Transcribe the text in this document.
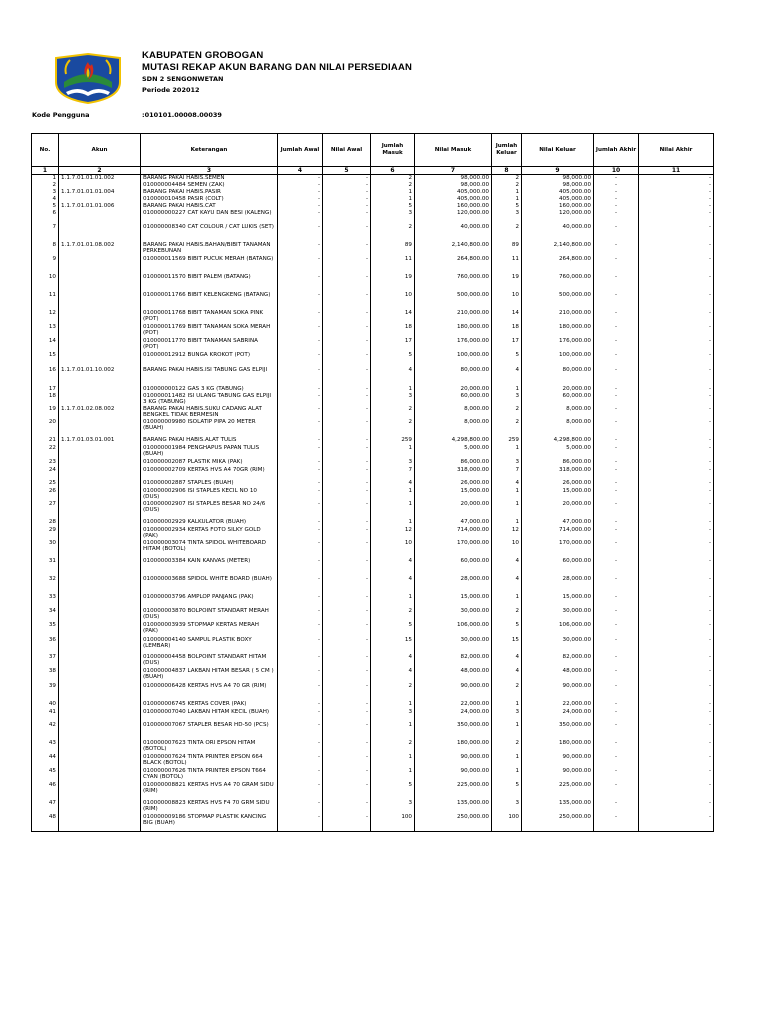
KABUPATEN GROBOGAN
MUTASI REKAP AKUN BARANG DAN NILAI PERSEDIAAN
SDN 2 SENGONWETAN
Periode 202012
Kode Pengguna	:010101.00008.00039
No.	Akun	Keterangan	Jumlah Awal	Nilai Awal	Jumlah Masuk	Nilai Masuk	Jumlah Keluar	Nilai Keluar	Jumlah Akhir	Nilai Akhir
1	2	3	4	5	6	7	8	9	10	11
1	1.1.7.01.01.01.002	BARANG PAKAI HABIS.SEMEN	-	-	2	98,000.00	2	98,000.00	-	-
2		010000004484 SEMEN (ZAK)	-	-	2	98,000.00	2	98,000.00	-	-
3	1.1.7.01.01.01.004	BARANG PAKAI HABIS.PASIR	-	-	1	405,000.00	1	405,000.00	-	-
4		010000010458 PASIR (COLT)	-	-	1	405,000.00	1	405,000.00	-	-
5	1.1.7.01.01.01.006	BARANG PAKAI HABIS.CAT	-	-	5	160,000.00	5	160,000.00	-	-
6		010000000227 CAT KAYU DAN BESI (KALENG)	-	-	3	120,000.00	3	120,000.00	-	-
7		010000008340 CAT COLOUR / CAT LUKIS (SET)	-	-	2	40,000.00	2	40,000.00	-	-
8	1.1.7.01.01.08.002	BARANG PAKAI HABIS.BAHAN/BIBIT TANAMAN PERKEBUNAN	-	-	89	2,140,800.00	89	2,140,800.00	-	-
9		010000011569 BIBIT PUCUK MERAH (BATANG)	-	-	11	264,800.00	11	264,800.00	-	-
10		010000011570 BIBIT PALEM (BATANG)	-	-	19	760,000.00	19	760,000.00	-	-
11		010000011766 BIBIT KELENGKENG (BATANG)	-	-	10	500,000.00	10	500,000.00	-	-
12		010000011768 BIBIT TANAMAN SOKA PINK (POT)	-	-	14	210,000.00	14	210,000.00	-	-
13		010000011769 BIBIT TANAMAN SOKA MERAH (POT)	-	-	18	180,000.00	18	180,000.00	-	-
14		010000011770 BIBIT TANAMAN SABRINA (POT)	-	-	17	176,000.00	17	176,000.00	-	-
15		010000012912 BUNGA KROKOT (POT)	-	-	5	100,000.00	5	100,000.00	-	-
16	1.1.7.01.01.10.002	BARANG PAKAI HABIS.ISI TABUNG GAS ELPIJI	-	-	4	80,000.00	4	80,000.00	-	-
17		010000000122 GAS 3 KG (TABUNG)	-	-	1	20,000.00	1	20,000.00	-	-
18		010000011482 ISI ULANG TABUNG GAS ELPIJI 3 KG (TABUNG)	-	-	3	60,000.00	3	60,000.00	-	-
19	1.1.7.01.02.08.002	BARANG PAKAI HABIS.SUKU CADANG ALAT BENGKEL TIDAK BERMESIN	-	-	2	8,000.00	2	8,000.00	-	-
20		010000009980 ISOLATIP PIPA 20 METER (BUAH)	-	-	2	8,000.00	2	8,000.00	-	-
21	1.1.7.01.03.01.001	BARANG PAKAI HABIS.ALAT TULIS	-	-	259	4,298,800.00	259	4,298,800.00	-	-
22		010000001984 PENGHAPUS PAPAN TULIS (BUAH)	-	-	1	5,000.00	1	5,000.00	-	-
23		010000002087 PLASTIK MIKA (PAK)	-	-	3	86,000.00	3	86,000.00	-	-
24		010000002709 KERTAS HVS A4 70GR (RIM)	-	-	7	318,000.00	7	318,000.00	-	-
25		010000002887 STAPLES (BUAH)	-	-	4	26,000.00	4	26,000.00	-	-
26		010000002906 ISI STAPLES KECIL NO 10 (DUS)	-	-	1	15,000.00	1	15,000.00	-	-
27		010000002907 ISI STAPLES BESAR NO 24/6 (DUS)	-	-	1	20,000.00	1	20,000.00	-	-
28		010000002929 KALKULATOR (BUAH)	-	-	1	47,000.00	1	47,000.00	-	-
29		010000002934 KERTAS FOTO SILKY GOLD (PAK)	-	-	12	714,000.00	12	714,000.00	-	-
30		010000003074 TINTA SPIDOL WHITEBOARD HITAM (BOTOL)	-	-	10	170,000.00	10	170,000.00	-	-
31		010000003384 KAIN KANVAS (METER)	-	-	4	60,000.00	4	60,000.00	-	-
32		010000003688 SPIDOL WHITE BOARD (BUAH)	-	-	4	28,000.00	4	28,000.00	-	-
33		010000003796 AMPLOP PANJANG (PAK)	-	-	1	15,000.00	1	15,000.00	-	-
34		010000003870 BOLPOINT STANDART MERAH (DUS)	-	-	2	30,000.00	2	30,000.00	-	-
35		010000003939 STOPMAP KERTAS MERAH (PAK)	-	-	5	106,000.00	5	106,000.00	-	-
36		010000004140 SAMPUL PLASTIK BOXY (LEMBAR)	-	-	15	30,000.00	15	30,000.00	-	-
37		010000004458 BOLPOINT STANDART HITAM (DUS)	-	-	4	82,000.00	4	82,000.00	-	-
38		010000004837 LAKBAN HITAM BESAR ( 5 CM ) (BUAH)	-	-	4	48,000.00	4	48,000.00	-	-
39		010000006428 KERTAS HVS A4 70 GR (RIM)	-	-	2	90,000.00	2	90,000.00	-	-
40		010000006745 KERTAS COVER (PAK)	-	-	1	22,000.00	1	22,000.00	-	-
41		010000007040 LAKBAN HITAM KECIL (BUAH)	-	-	3	24,000.00	3	24,000.00	-	-
42		010000007067 STAPLER BESAR HD-50 (PCS)	-	-	1	350,000.00	1	350,000.00	-	-
43		010000007623 TINTA ORI EPSON HITAM (BOTOL)	-	-	2	180,000.00	2	180,000.00	-	-
44		010000007624 TINTA PRINTER EPSON 664 BLACK (BOTOL)	-	-	1	90,000.00	1	90,000.00	-	-
45		010000007626 TINTA PRINTER EPSON T664 CYAN (BOTOL)	-	-	1	90,000.00	1	90,000.00	-	-
46		010000008821 KERTAS HVS A4 70 GRAM SIDU (RIM)	-	-	5	225,000.00	5	225,000.00	-	-
47		010000008823 KERTAS HVS F4 70 GRM SIDU (RIM)	-	-	3	135,000.00	3	135,000.00	-	-
48		010000009186 STOPMAP PLASTIK KANCING BIG (BUAH)	-	-	100	250,000.00	100	250,000.00	-	-
